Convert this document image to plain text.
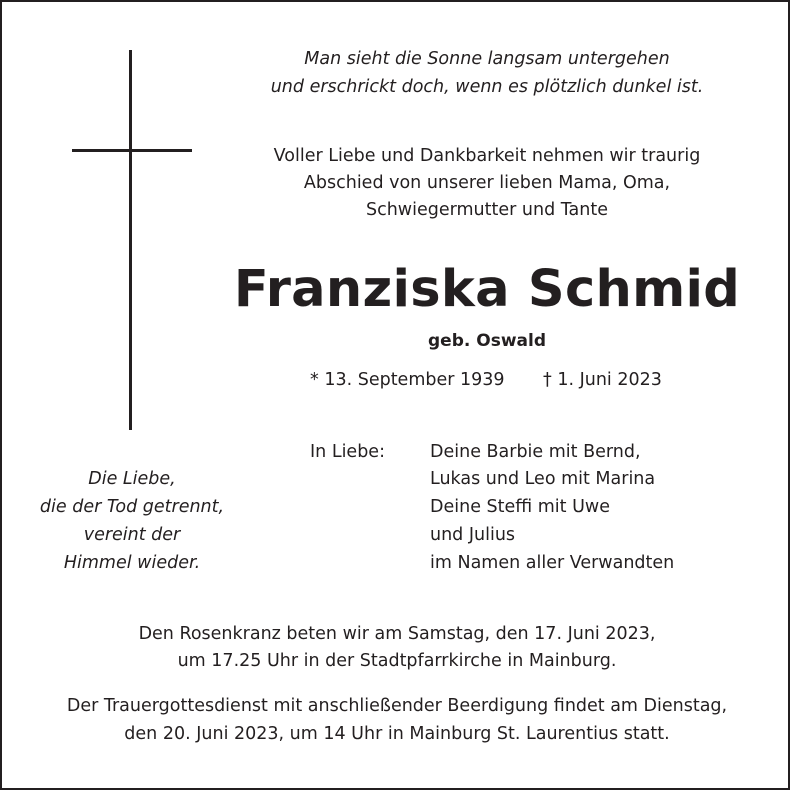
Man sieht die Sonne langsam untergehen
und erschrickt doch, wenn es plötzlich dunkel ist.
Voller Liebe und Dankbarkeit nehmen wir traurig
Abschied von unserer lieben Mama, Oma,
Schwiegermutter und Tante
Franziska Schmid
geb. Oswald
* 13. September 1939 † 1. Juni 2023
In Liebe:	Deine Barbie mit Bernd,
Lukas und Leo mit Marina
Deine Steffi mit Uwe
und Julius
im Namen aller Verwandten
Die Liebe,
die der Tod getrennt,
vereint der
Himmel wieder.
Den Rosenkranz beten wir am Samstag, den 17. Juni 2023,
um 17.25 Uhr in der Stadtpfarrkirche in Mainburg.
Der Trauergottesdienst mit anschließender Beerdigung findet am Dienstag,
den 20. Juni 2023, um 14 Uhr in Mainburg St. Laurentius statt.
